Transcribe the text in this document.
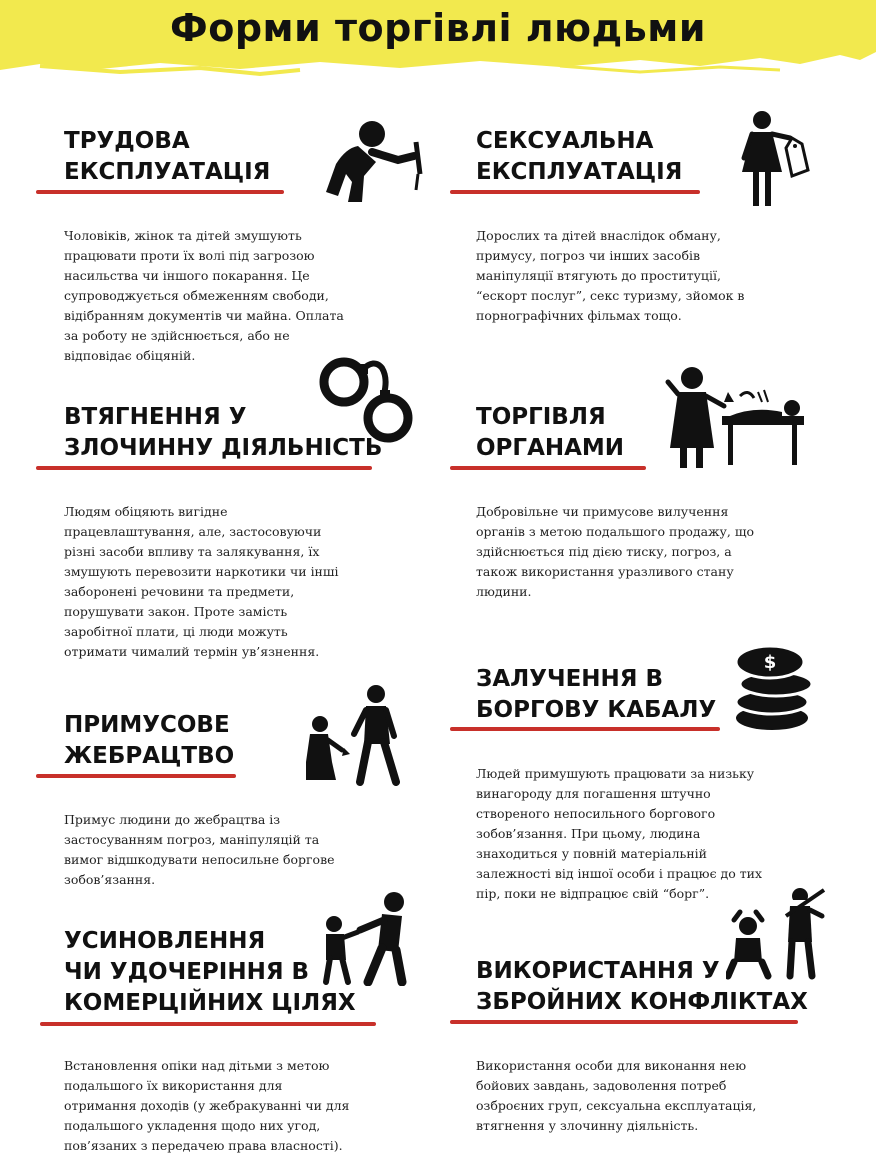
Форми торгівлі людьми
ТРУДОВА
ЕКСПЛУАТАЦІЯ
Чоловіків, жінок та дітей змушують
працювати проти їх волі під загрозою
насильства чи іншого покарання. Це
супроводжується обмеженням свободи,
відібранням документів чи майна. Оплата
за роботу не здійснюється, або не
відповідає обіцяній.
СЕКСУАЛЬНА
ЕКСПЛУАТАЦІЯ
Дорослих та дітей внаслідок обману,
примусу, погроз чи інших засобів
маніпуляції втягують до проституції,
“ескорт послуг”, секс туризму, зйомок в
порнографічних фільмах тощо.
ВТЯГНЕННЯ У
ЗЛОЧИННУ ДІЯЛЬНІСТЬ
Людям обіцяють вигідне
працевлаштування, але, застосовуючи
різні засоби впливу та залякування, їх
змушують перевозити наркотики чи інші
заборонені речовини та предмети,
порушувати закон. Проте замість
заробітної плати, ці люди можуть
отримати чималий термін ув’язнення.
ТОРГІВЛЯ
ОРГАНАМИ
Добровільне чи примусове вилучення
органів з метою подальшого продажу, що
здійснюється під дією тиску, погроз, а
також використання уразливого стану
людини.
ЗАЛУЧЕННЯ В
БОРГОВУ КАБАЛУ
Людей примушують працювати за низьку
винагороду для погашення штучно
створеного непосильного боргового
зобов’язання. При цьому, людина
знаходиться у повній матеріальній
залежності від іншої особи і працює до тих
пір, поки не відпрацює свій “борг”.
$
ПРИМУСОВЕ
ЖЕБРАЦТВО
Примус людини до жебрацтва із
застосуванням погроз, маніпуляцій та
вимог відшкодувати непосильне боргове
зобов’язання.
УСИНОВЛЕННЯ
ЧИ УДОЧЕРІННЯ В
КОМЕРЦІЙНИХ ЦІЛЯХ
Встановлення опіки над дітьми з метою
подальшого їх використання для
отримання доходів (у жебракуванні чи для
подальшого укладення щодо них угод,
пов’язаних з передачею права власності).
ВИКОРИСТАННЯ У
ЗБРОЙНИХ КОНФЛІКТАХ
Використання особи для виконання нею
бойових завдань, задоволення потреб
озброєних груп, сексуальна експлуатація,
втягнення у злочинну діяльність.
